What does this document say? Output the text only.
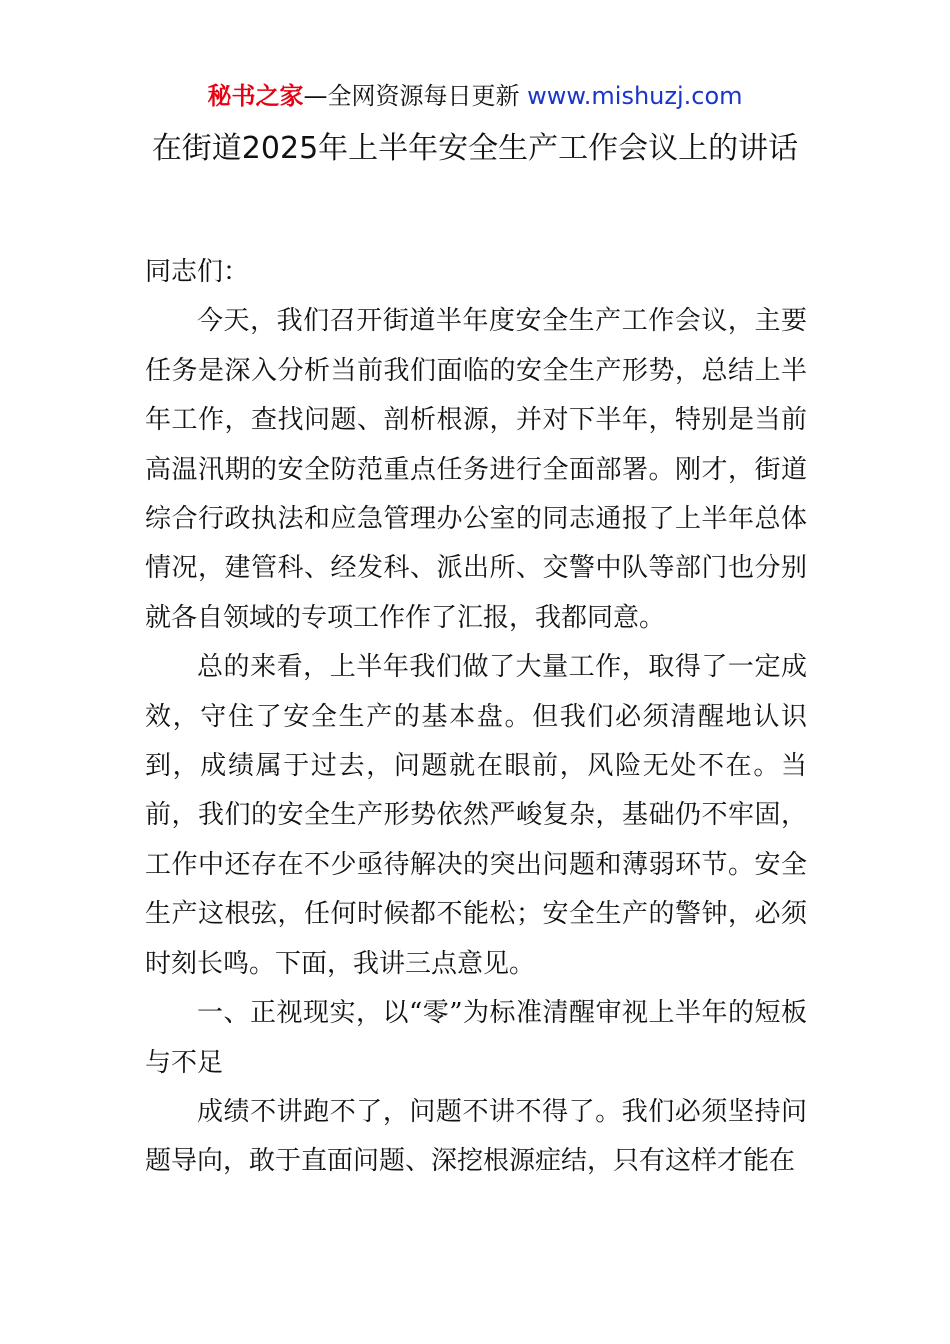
秘书之家—全网资源每日更新 www.mishuzj.com
在街道2025年上半年安全生产工作会议上的讲话

同志们：

今天，我们召开街道半年度安全生产工作会议，主要任务是深入分析当前我们面临的安全生产形势，总结上半年工作，查找问题、剖析根源，并对下半年，特别是当前高温汛期的安全防范重点任务进行全面部署。刚才，街道综合行政执法和应急管理办公室的同志通报了上半年总体情况，建管科、经发科、派出所、交警中队等部门也分别就各自领域的专项工作作了汇报，我都同意。

总的来看，上半年我们做了大量工作，取得了一定成效，守住了安全生产的基本盘。但我们必须清醒地认识到，成绩属于过去，问题就在眼前，风险无处不在。当前，我们的安全生产形势依然严峻复杂，基础仍不牢固，工作中还存在不少亟待解决的突出问题和薄弱环节。安全生产这根弦，任何时候都不能松；安全生产的警钟，必须时刻长鸣。下面，我讲三点意见。

一、正视现实，以“零”为标准清醒审视上半年的短板与不足

成绩不讲跑不了，问题不讲不得了。我们必须坚持问题导向，敢于直面问题、深挖根源症结，只有这样才能在
